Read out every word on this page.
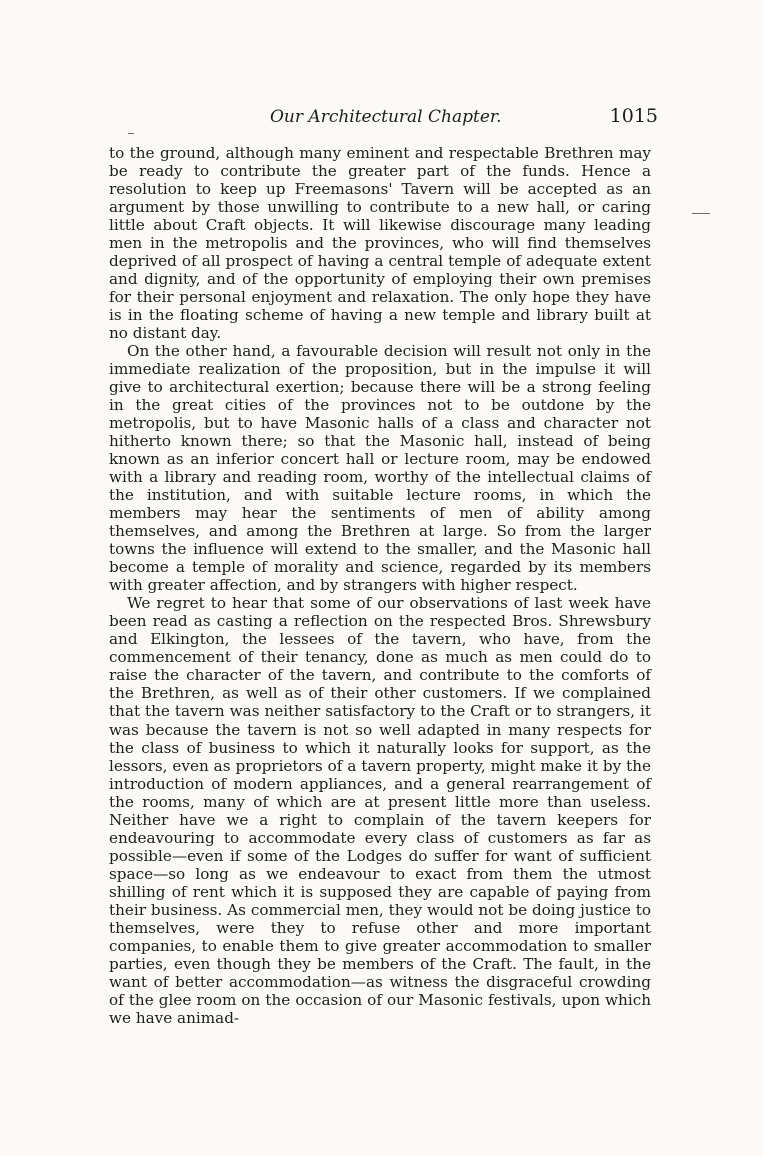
Our Architectural Chapter.	1015

to the ground, although many eminent and respectable Brethren may be ready to contribute the greater part of the funds. Hence a resolution to keep up Freemasons' Tavern will be accepted as an argument by those unwilling to contribute to a new hall, or caring little about Craft objects. It will likewise discourage many leading men in the metropolis and the provinces, who will find themselves deprived of all prospect of having a central temple of adequate extent and dignity, and of the opportunity of employing their own premises for their personal enjoyment and relaxation. The only hope they have is in the floating scheme of having a new temple and library built at no distant day.

On the other hand, a favourable decision will result not only in the immediate realization of the proposition, but in the impulse it will give to architectural exertion; because there will be a strong feeling in the great cities of the provinces not to be outdone by the metropolis, but to have Masonic halls of a class and character not hitherto known there; so that the Masonic hall, instead of being known as an inferior concert hall or lecture room, may be endowed with a library and reading room, worthy of the intellectual claims of the institution, and with suitable lecture rooms, in which the members may hear the sentiments of men of ability among themselves, and among the Brethren at large. So from the larger towns the influence will extend to the smaller, and the Masonic hall become a temple of morality and science, regarded by its members with greater affection, and by strangers with higher respect.

We regret to hear that some of our observations of last week have been read as casting a reflection on the respected Bros. Shrewsbury and Elkington, the lessees of the tavern, who have, from the commencement of their tenancy, done as much as men could do to raise the character of the tavern, and contribute to the comforts of the Brethren, as well as of their other customers. If we complained that the tavern was neither satisfactory to the Craft or to strangers, it was because the tavern is not so well adapted in many respects for the class of business to which it naturally looks for support, as the lessors, even as proprietors of a tavern property, might make it by the introduction of modern appliances, and a general rearrangement of the rooms, many of which are at present little more than useless. Neither have we a right to complain of the tavern keepers for endeavouring to accommodate every class of customers as far as possible—even if some of the Lodges do suffer for want of sufficient space—so long as we endeavour to exact from them the utmost shilling of rent which it is supposed they are capable of paying from their business. As commercial men, they would not be doing justice to themselves, were they to refuse other and more important companies, to enable them to give greater accommodation to smaller parties, even though they be members of the Craft. The fault, in the want of better accommodation—as witness the disgraceful crowding of the glee room on the occasion of our Masonic festivals, upon which we have animad-
